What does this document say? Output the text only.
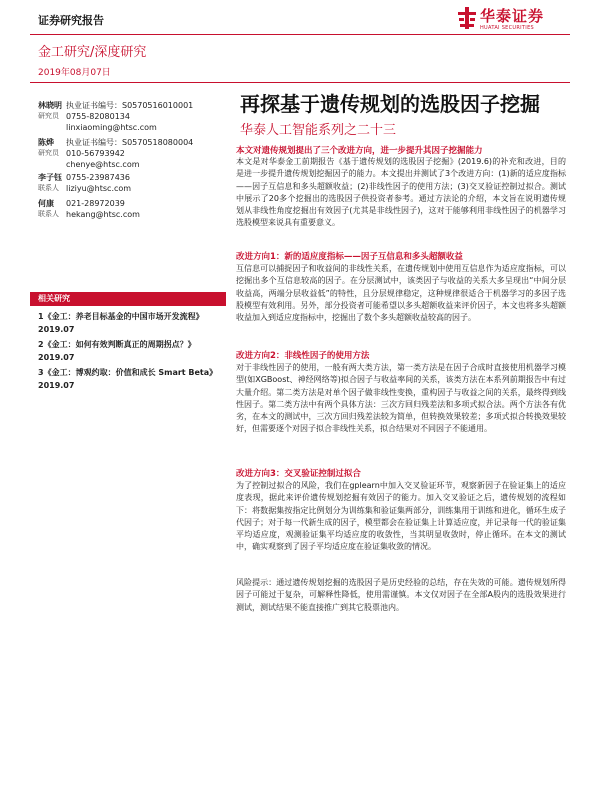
证券研究报告	华泰证券
HUATAI SECURITIES
金工研究/深度研究
2019年08月07日
林晓明 执业证书编号：S0570516010001
研究员 0755-82080134
linxiaoming@htsc.com
陈烨	执业证书编号：S0570518080004
研究员 010-56793942
chenye@htsc.com
李子钰 0755-23987436
联系人 liziyu@htsc.com
何康	021-28972039
联系人 hekang@htsc.com
相关研究
1《金工：养老目标基金的中国市场开发流程》2019.07
2《金工：如何有效判断真正的周期拐点？》2019.07
3《金工：博观约取：价值和成长 Smart Beta》2019.07
再探基于遗传规划的选股因子挖掘
华泰人工智能系列之二十三
本文对遗传规划提出了三个改进方向，进一步提升其因子挖掘能力
本文是对华泰金工前期报告《基于遗传规划的选股因子挖掘》(2019.6)的补充和改进，目的是进一步提升遗传规划挖掘因子的能力。本文提出并测试了3个改进方向：(1)新的适应度指标——因子互信息和多头超额收益；(2)非线性因子的使用方法；(3)交叉验证控制过拟合。测试中展示了20多个挖掘出的选股因子供投资者参考。通过方法论的介绍，本文旨在说明遗传规划从非线性角度挖掘出有效因子(尤其是非线性因子)，这对于能够利用非线性因子的机器学习选股模型来说具有重要意义。
改进方向1：新的适应度指标——因子互信息和多头超额收益
互信息可以捕捉因子和收益间的非线性关系，在遗传规划中使用互信息作为适应度指标，可以挖掘出多个互信息较高的因子。在分层测试中，该类因子与收益的关系大多呈现出“中间分层收益高，两端分层收益低”的特性，且分层规律稳定，这种规律很适合于机器学习的多因子选股模型有效利用。另外，部分投资者可能希望以多头超额收益来评价因子，本文也将多头超额收益加入到适应度指标中，挖掘出了数个多头超额收益较高的因子。
改进方向2：非线性因子的使用方法
对于非线性因子的使用，一般有两大类方法，第一类方法是在因子合成时直接使用机器学习模型(如XGBoost、神经网络等)拟合因子与收益率间的关系，该类方法在本系列前期报告中有过大量介绍。第二类方法是对单个因子做非线性变换，重构因子与收益之间的关系，最终得到线性因子。第二类方法中有两个具体方法：三次方回归残差法和多项式拟合法。两个方法各有优劣，在本文的测试中，三次方回归残差法较为简单，但转换效果较差；多项式拟合转换效果较好，但需要逐个对因子拟合非线性关系，拟合结果对不同因子不能通用。
改进方向3：交叉验证控制过拟合
为了控制过拟合的风险，我们在gplearn中加入交叉验证环节，观察新因子在验证集上的适应度表现，据此来评价遗传规划挖掘有效因子的能力。加入交叉验证之后，遗传规划的流程如下：将数据集按指定比例划分为训练集和验证集两部分，训练集用于训练和进化，循环生成子代因子；对于每一代新生成的因子，模型都会在验证集上计算适应度，并记录每一代的验证集平均适应度，观测验证集平均适应度的收敛性，当其明显收敛时，停止循环。在本文的测试中，确实观察到了因子平均适应度在验证集收敛的情况。
风险提示：通过遗传规划挖掘的选股因子是历史经验的总结，存在失效的可能。遗传规划所得因子可能过于复杂，可解释性降低，使用需谨慎。本文仅对因子在全部A股内的选股效果进行测试，测试结果不能直接推广到其它股票池内。
